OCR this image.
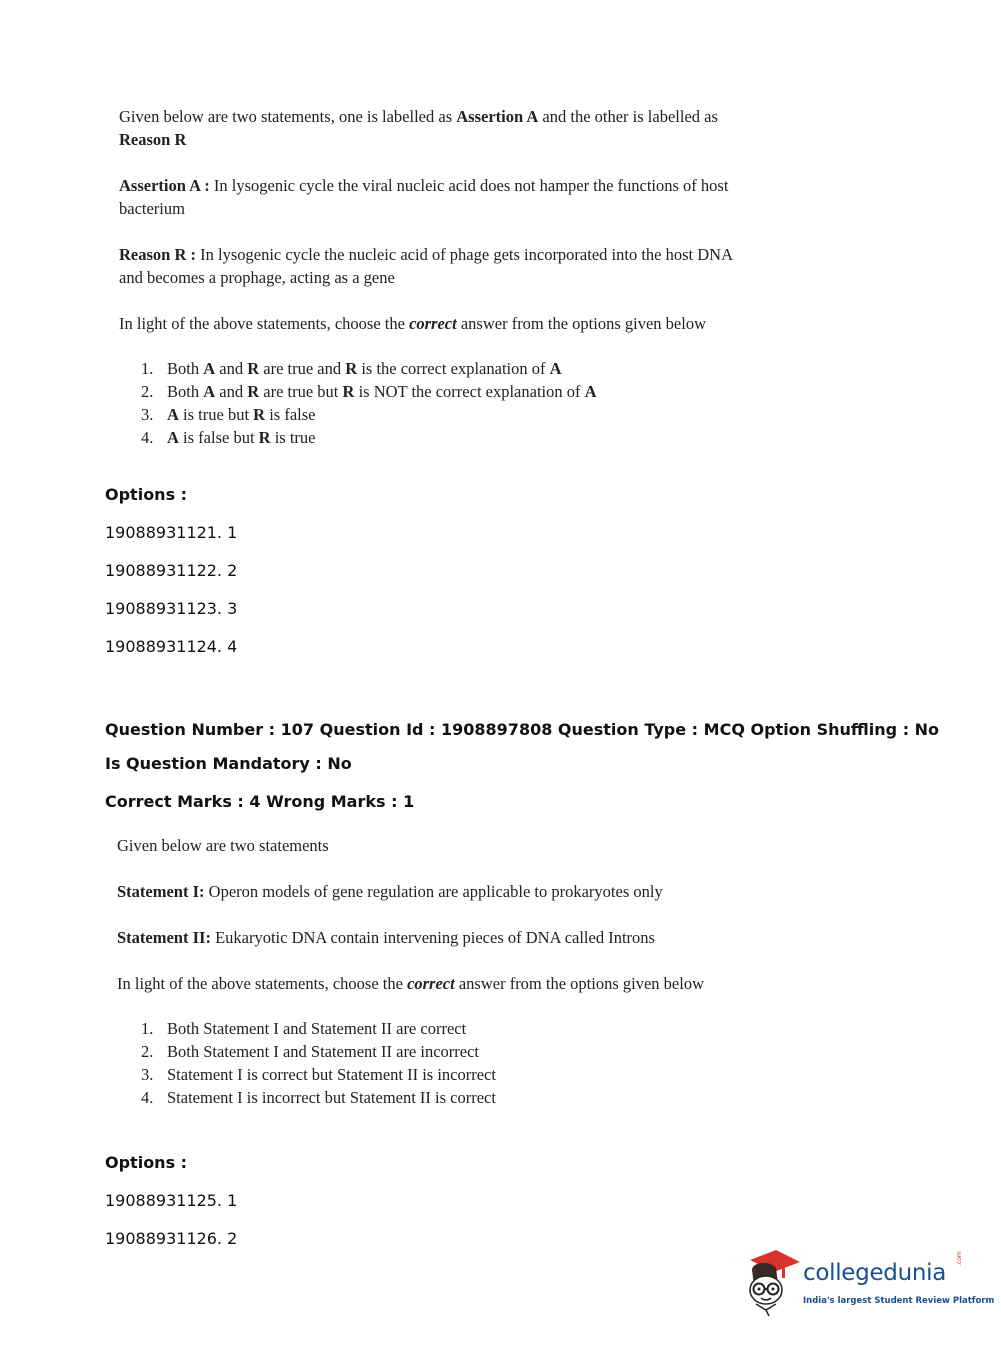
Given below are two statements, one is labelled as Assertion A and the other is labelled as
Reason R
Assertion A : In lysogenic cycle the viral nucleic acid does not hamper the functions of host
bacterium
Reason R : In lysogenic cycle the nucleic acid of phage gets incorporated into the host DNA
and becomes a prophage, acting as a gene
In light of the above statements, choose the correct answer from the options given below
1. Both A and R are true and R is the correct explanation of A
2. Both A and R are true but R is NOT the correct explanation of A
3. A is true but R is false
4. A is false but R is true
Options :
19088931121. 1
19088931122. 2
19088931123. 3
19088931124. 4
Question Number : 107 Question Id : 1908897808 Question Type : MCQ Option Shuffling : No
Is Question Mandatory : No
Correct Marks : 4 Wrong Marks : 1
Given below are two statements
Statement I: Operon models of gene regulation are applicable to prokaryotes only
Statement II: Eukaryotic DNA contain intervening pieces of DNA called Introns
In light of the above statements, choose the correct answer from the options given below
1. Both Statement I and Statement II are correct
2. Both Statement I and Statement II are incorrect
3. Statement I is correct but Statement II is incorrect
4. Statement I is incorrect but Statement II is correct
Options :
19088931125. 1
19088931126. 2
collegedunia
.com
India's largest Student Review Platform
